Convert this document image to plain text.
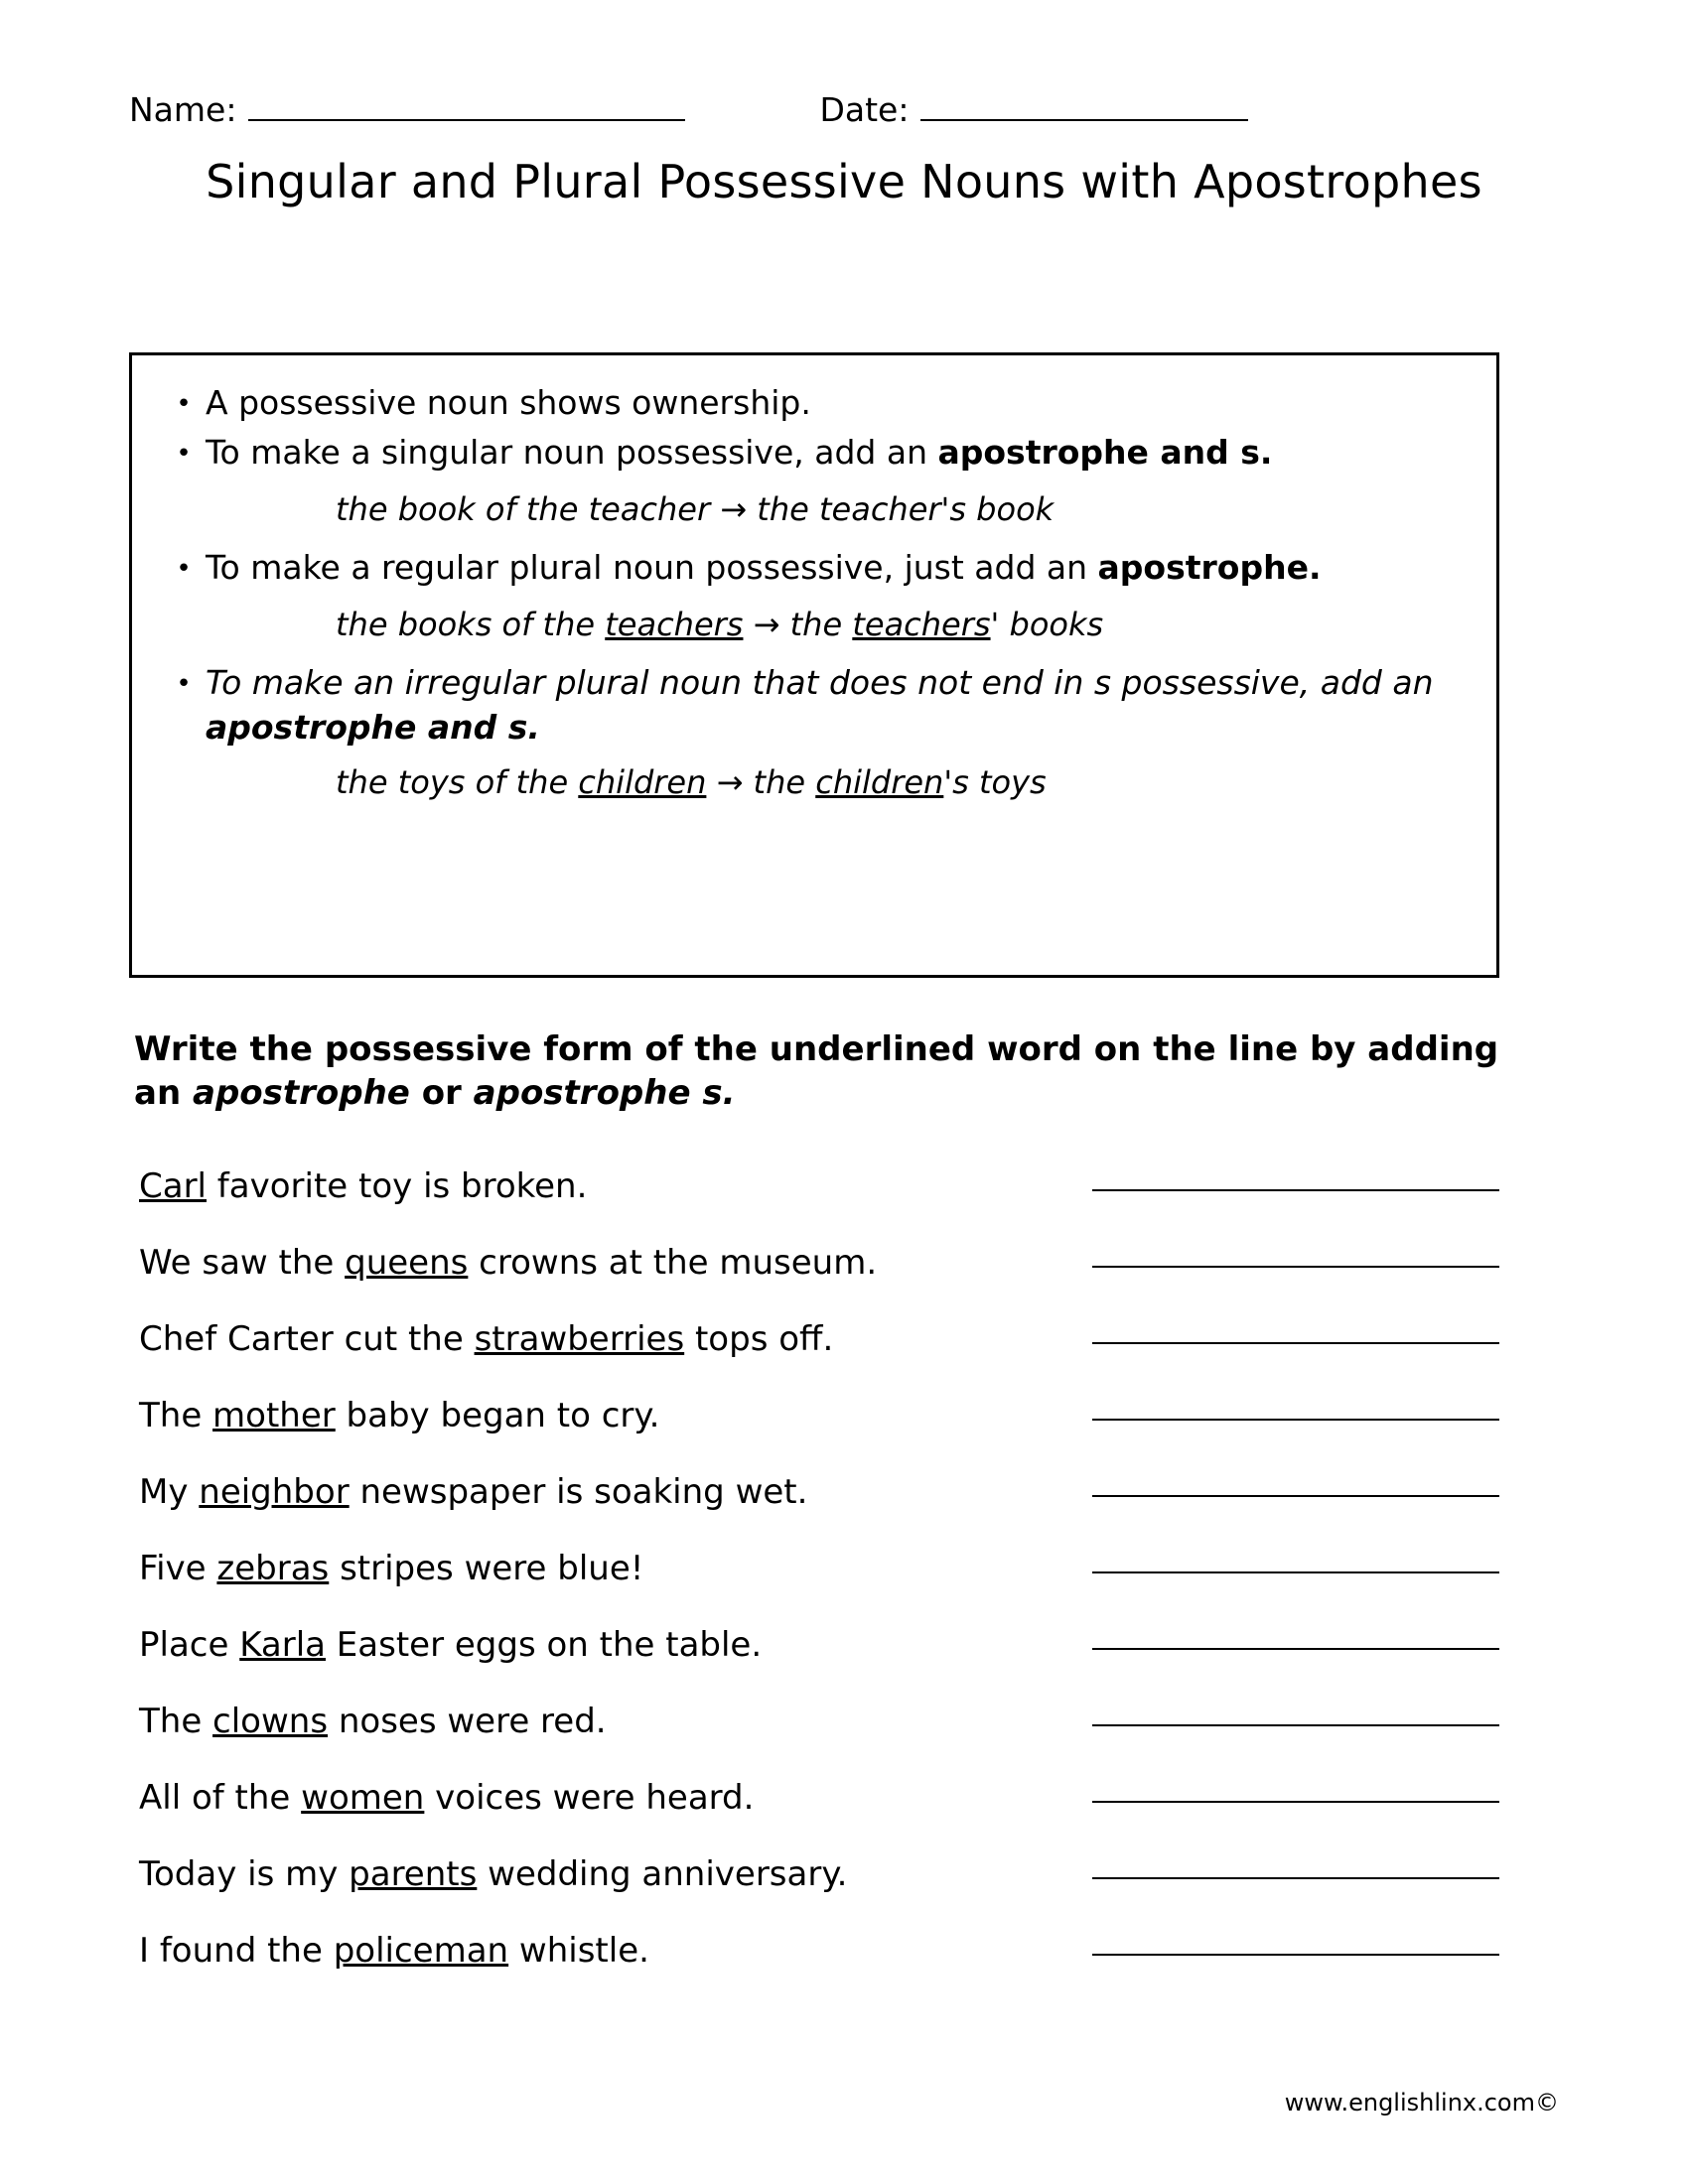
Name:	Date:
Singular and Plural Possessive Nouns with Apostrophes
• A possessive noun shows ownership.
• To make a singular noun possessive, add an apostrophe and s.
the book of the teacher → the teacher's book
• To make a regular plural noun possessive, just add an apostrophe.
the books of the teachers → the teachers' books
• To make an irregular plural noun that does not end in s possessive, add an apostrophe and s.
the toys of the children → the children's toys
Write the possessive form of the underlined word on the line by adding an apostrophe or apostrophe s.
Carl favorite toy is broken.
We saw the queens crowns at the museum.
Chef Carter cut the strawberries tops off.
The mother baby began to cry.
My neighbor newspaper is soaking wet.
Five zebras stripes were blue!
Place Karla Easter eggs on the table.
The clowns noses were red.
All of the women voices were heard.
Today is my parents wedding anniversary.
I found the policeman whistle.
www.englishlinx.com©
